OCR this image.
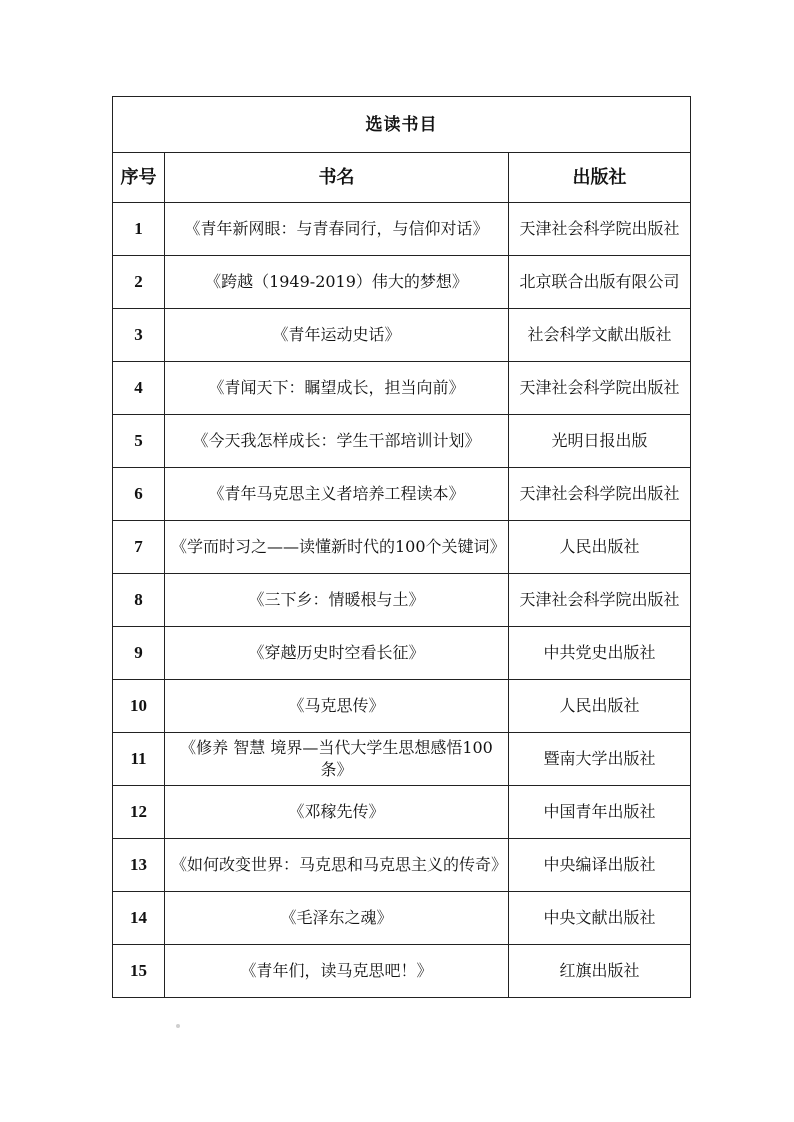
选读书目		
序号	书名	出版社
1	《青年新网眼：与青春同行，与信仰对话》	天津社会科学院出版社
2	《跨越（1949-2019）伟大的梦想》	北京联合出版有限公司
3	《青年运动史话》	社会科学文献出版社
4	《青闻天下：瞩望成长，担当向前》	天津社会科学院出版社
5	《今天我怎样成长：学生干部培训计划》	光明日报出版
6	《青年马克思主义者培养工程读本》	天津社会科学院出版社
7	《学而时习之——读懂新时代的100个关键词》	人民出版社
8	《三下乡：情暖根与土》	天津社会科学院出版社
9	《穿越历史时空看长征》	中共党史出版社
10	《马克思传》	人民出版社
11	《修养 智慧 境界—当代大学生思想感悟100条》	暨南大学出版社
12	《邓稼先传》	中国青年出版社
13	《如何改变世界：马克思和马克思主义的传奇》	中央编译出版社
14	《毛泽东之魂》	中央文献出版社
15	《青年们，读马克思吧！》	红旗出版社
